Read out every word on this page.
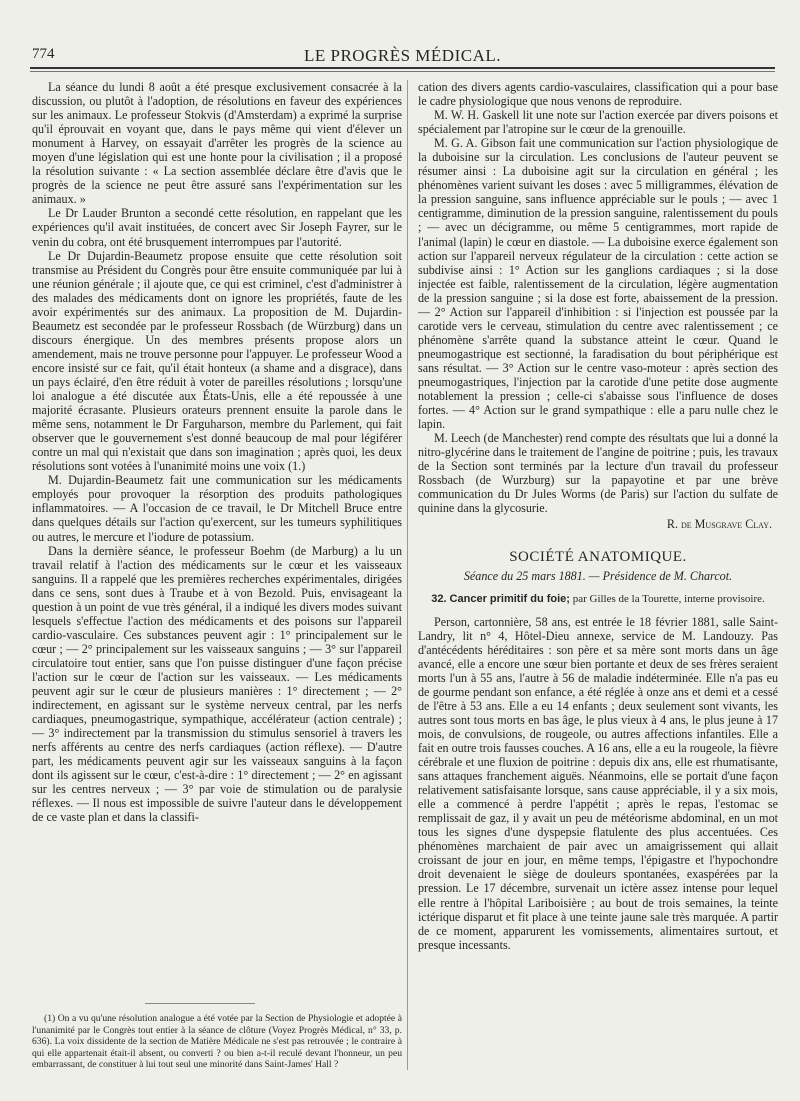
774	LE PROGRÈS MÉDICAL.

La séance du lundi 8 août a été presque exclusivement consacrée à la discussion, ou plutôt à l'adoption, de résolutions en faveur des expériences sur les animaux. Le professeur Stokvis (d'Amsterdam) a exprimé la surprise qu'il éprouvait en voyant que, dans le pays même qui vient d'élever un monument à Harvey, on essayait d'arrêter les progrès de la science au moyen d'une législation qui est une honte pour la civilisation ; il a proposé la résolution suivante : « La section assemblée déclare être d'avis que le progrès de la science ne peut être assuré sans l'expérimentation sur les animaux. »

Le Dr Lauder Brunton a secondé cette résolution, en rappelant que les expériences qu'il avait instituées, de concert avec Sir Joseph Fayrer, sur le venin du cobra, ont été brusquement interrompues par l'autorité.

Le Dr Dujardin-Beaumetz propose ensuite que cette résolution soit transmise au Président du Congrès pour être ensuite communiquée par lui à une réunion générale ; il ajoute que, ce qui est criminel, c'est d'administrer à des malades des médicaments dont on ignore les propriétés, faute de les avoir expérimentés sur des animaux. La proposition de M. Dujardin-Beaumetz est secondée par le professeur Rossbach (de Würzburg) dans un discours énergique. Un des membres présents propose alors un amendement, mais ne trouve personne pour l'appuyer. Le professeur Wood a encore insisté sur ce fait, qu'il était honteux (a shame and a disgrace), dans un pays éclairé, d'en être réduit à voter de pareilles résolutions ; lorsqu'une loi analogue a été discutée aux États-Unis, elle a été repoussée à une majorité écrasante. Plusieurs orateurs prennent ensuite la parole dans le même sens, notamment le Dr Farguharson, membre du Parlement, qui fait observer que le gouvernement s'est donné beaucoup de mal pour légiférer contre un mal qui n'existait que dans son imagination ; après quoi, les deux résolutions sont votées à l'unanimité moins une voix (1.)

M. Dujardin-Beaumetz fait une communication sur les médicaments employés pour provoquer la résorption des produits pathologiques inflammatoires. — A l'occasion de ce travail, le Dr Mitchell Bruce entre dans quelques détails sur l'action qu'exercent, sur les tumeurs syphilitiques ou autres, le mercure et l'iodure de potassium.

Dans la dernière séance, le professeur Boehm (de Marburg) a lu un travail relatif à l'action des médicaments sur le cœur et les vaisseaux sanguins. Il a rappelé que les premières recherches expérimentales, dirigées dans ce sens, sont dues à Traube et à von Bezold. Puis, envisageant la question à un point de vue très général, il a indiqué les divers modes suivant lesquels s'effectue l'action des médicaments et des poisons sur l'appareil cardio-vasculaire. Ces substances peuvent agir : 1° principalement sur le cœur ; — 2° principalement sur les vaisseaux sanguins ; — 3° sur l'appareil circulatoire tout entier, sans que l'on puisse distinguer d'une façon précise l'action sur le cœur de l'action sur les vaisseaux. — Les médicaments peuvent agir sur le cœur de plusieurs manières : 1° directement ; — 2° indirectement, en agissant sur le système nerveux central, par les nerfs cardiaques, pneumogastrique, sympathique, accélérateur (action centrale) ; — 3° indirectement par la transmission du stimulus sensoriel à travers les nerfs afférents au centre des nerfs cardiaques (action réflexe). — D'autre part, les médicaments peuvent agir sur les vaisseaux sanguins à la façon dont ils agissent sur le cœur, c'est-à-dire : 1° directement ; — 2° en agissant sur les centres nerveux ; — 3° par voie de stimulation ou de paralysie réflexes. — Il nous est impossible de suivre l'auteur dans le développement de ce vaste plan et dans la classifi-

cation des divers agents cardio-vasculaires, classification qui a pour base le cadre physiologique que nous venons de reproduire.

M. W. H. Gaskell lit une note sur l'action exercée par divers poisons et spécialement par l'atropine sur le cœur de la grenouille.

M. G. A. Gibson fait une communication sur l'action physiologique de la duboisine sur la circulation. Les conclusions de l'auteur peuvent se résumer ainsi : La duboisine agit sur la circulation en général ; les phénomènes varient suivant les doses : avec 5 milligrammes, élévation de la pression sanguine, sans influence appréciable sur le pouls ; — avec 1 centigramme, diminution de la pression sanguine, ralentissement du pouls ; — avec un décigramme, ou même 5 centigrammes, mort rapide de l'animal (lapin) le cœur en diastole. — La duboisine exerce également son action sur l'appareil nerveux régulateur de la circulation : cette action se subdivise ainsi : 1° Action sur les ganglions cardiaques ; si la dose injectée est faible, ralentissement de la circulation, légère augmentation de la pression sanguine ; si la dose est forte, abaissement de la pression. — 2° Action sur l'appareil d'inhibition : si l'injection est poussée par la carotide vers le cerveau, stimulation du centre avec ralentissement ; ce phénomène s'arrête quand la substance atteint le cœur. Quand le pneumogastrique est sectionné, la faradisation du bout périphérique est sans résultat. — 3° Action sur le centre vaso-moteur : après section des pneumogastriques, l'injection par la carotide d'une petite dose augmente notablement la pression ; celle-ci s'abaisse sous l'influence de doses fortes. — 4° Action sur le grand sympathique : elle a paru nulle chez le lapin.

M. Leech (de Manchester) rend compte des résultats que lui a donné la nitro-glycérine dans le traitement de l'angine de poitrine ; puis, les travaux de la Section sont terminés par la lecture d'un travail du professeur Rossbach (de Wurzburg) sur la papayotine et par une brève communication du Dr Jules Worms (de Paris) sur l'action du sulfate de quinine dans la glycosurie.

R. de Musgrave Clay.
SOCIÉTÉ ANATOMIQUE.
Séance du 25 mars 1881. — Présidence de M. Charcot.
32. Cancer primitif du foie; par Gilles de la Tourette, interne provisoire.

Person, cartonnière, 58 ans, est entrée le 18 février 1881, salle Saint-Landry, lit n° 4, Hôtel-Dieu annexe, service de M. Landouzy. Pas d'antécédents héréditaires : son père et sa mère sont morts dans un âge avancé, elle a encore une sœur bien portante et deux de ses frères seraient morts l'un à 55 ans, l'autre à 56 de maladie indéterminée. Elle n'a pas eu de gourme pendant son enfance, a été réglée à onze ans et demi et a cessé de l'être à 53 ans. Elle a eu 14 enfants ; deux seulement sont vivants, les autres sont tous morts en bas âge, le plus vieux à 4 ans, le plus jeune à 17 mois, de convulsions, de rougeole, ou autres affections infantiles. Elle a fait en outre trois fausses couches. A 16 ans, elle a eu la rougeole, la fièvre cérébrale et une fluxion de poitrine : depuis dix ans, elle est rhumatisante, sans attaques franchement aiguës. Néanmoins, elle se portait d'une façon relativement satisfaisante lorsque, sans cause appréciable, il y a six mois, elle a commencé à perdre l'appétit ; après le repas, l'estomac se remplissait de gaz, il y avait un peu de météorisme abdominal, en un mot tous les signes d'une dyspepsie flatulente des plus accentuées. Ces phénomènes marchaient de pair avec un amaigrissement qui allait croissant de jour en jour, en même temps, l'épigastre et l'hypochondre droit devenaient le siège de douleurs spontanées, exaspérées par la pression. Le 17 décembre, survenait un ictère assez intense pour lequel elle rentre à l'hôpital Lariboisière ; au bout de trois semaines, la teinte ictérique disparut et fit place à une teinte jaune sale très marquée. A partir de ce moment, apparurent les vomissements, alimentaires surtout, et presque incessants.

(1) On a vu qu'une résolution analogue a été votée par la Section de Physiologie et adoptée à l'unanimité par le Congrès tout entier à la séance de clôture (Voyez Progrès Médical, n° 33, p. 636). La voix dissidente de la section de Matière Médicale ne s'est pas retrouvée ; le contraire à qui elle appartenait était-il absent, ou converti ? ou bien a-t-il reculé devant l'honneur, un peu embarrassant, de constituer à lui tout seul une minorité dans Saint-James' Hall ?
